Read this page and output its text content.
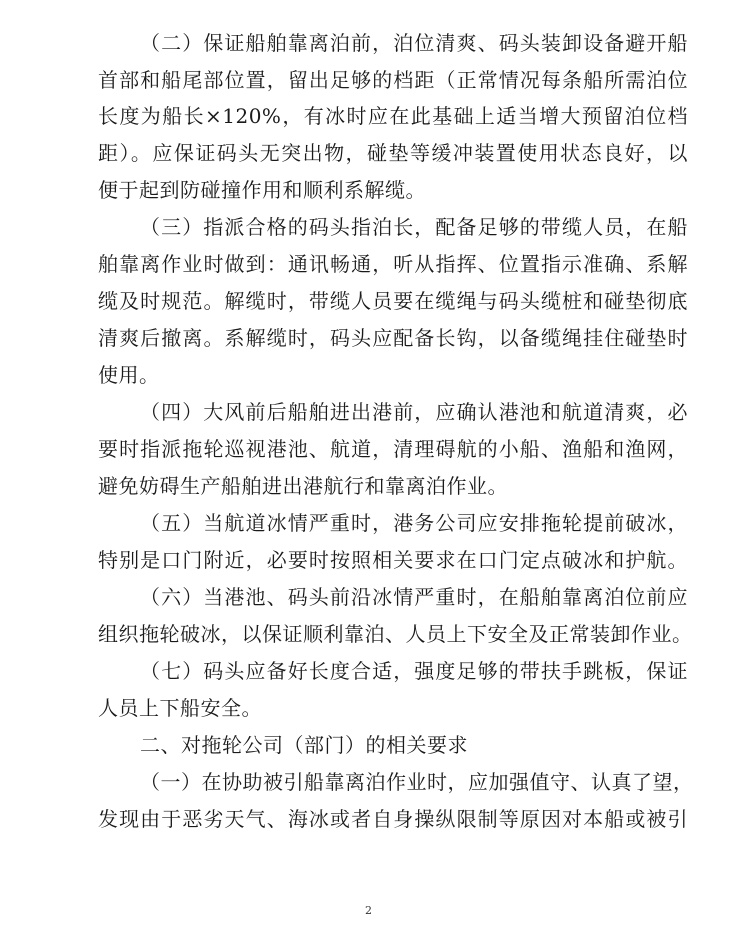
（二）保证船舶靠离泊前，泊位清爽、码头装卸设备避开船
首部和船尾部位置，留出足够的档距（正常情况每条船所需泊位
长度为船长×120%，有冰时应在此基础上适当增大预留泊位档
距）。应保证码头无突出物，碰垫等缓冲装置使用状态良好，以
便于起到防碰撞作用和顺利系解缆。
（三）指派合格的码头指泊长，配备足够的带缆人员，在船
舶靠离作业时做到：通讯畅通，听从指挥、位置指示准确、系解
缆及时规范。解缆时，带缆人员要在缆绳与码头缆桩和碰垫彻底
清爽后撤离。系解缆时，码头应配备长钩，以备缆绳挂住碰垫时
使用。
（四）大风前后船舶进出港前，应确认港池和航道清爽，必
要时指派拖轮巡视港池、航道，清理碍航的小船、渔船和渔网，
避免妨碍生产船舶进出港航行和靠离泊作业。
（五）当航道冰情严重时，港务公司应安排拖轮提前破冰，
特别是口门附近，必要时按照相关要求在口门定点破冰和护航。
（六）当港池、码头前沿冰情严重时，在船舶靠离泊位前应
组织拖轮破冰，以保证顺利靠泊、人员上下安全及正常装卸作业。
（七）码头应备好长度合适，强度足够的带扶手跳板，保证
人员上下船安全。
二、对拖轮公司（部门）的相关要求
（一）在协助被引船靠离泊作业时，应加强值守、认真了望，
发现由于恶劣天气、海冰或者自身操纵限制等原因对本船或被引
2
